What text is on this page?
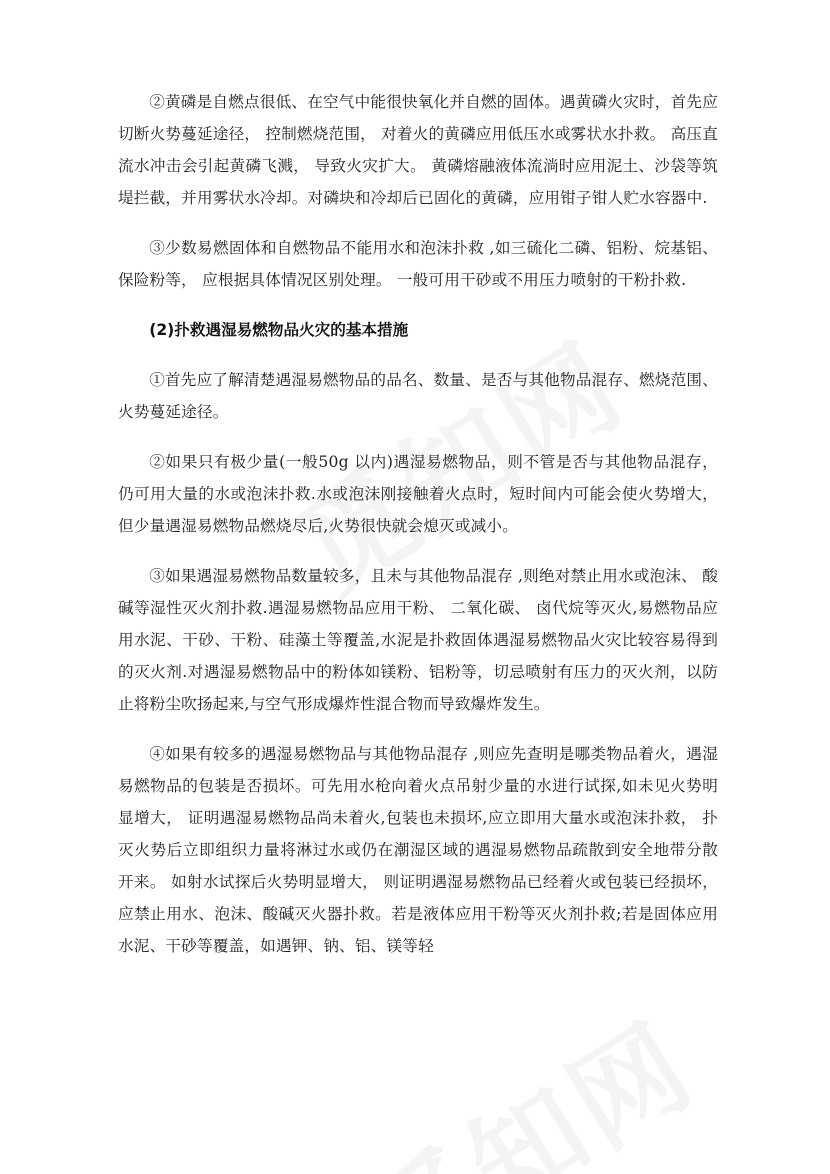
②黄磷是自燃点很低、在空气中能很快氧化并自燃的固体。遇黄磷火灾时，首先应切断火势蔓延途径， 控制燃烧范围， 对着火的黄磷应用低压水或雾状水扑救。 高压直流水冲击会引起黄磷飞溅， 导致火灾扩大。 黄磷熔融液体流淌时应用泥土、沙袋等筑堤拦截，并用雾状水冷却。对磷块和冷却后已固化的黄磷，应用钳子钳人贮水容器中.

③少数易燃固体和自燃物品不能用水和泡沫扑救 ,如三硫化二磷、铝粉、烷基铝、 保险粉等， 应根据具体情况区别处理。 一般可用干砂或不用压力喷射的干粉扑救.

(2)扑救遇湿易燃物品火灾的基本措施

①首先应了解清楚遇湿易燃物品的品名、数量、是否与其他物品混存、燃烧范围、火势蔓延途径。

②如果只有极少量(一般50g 以内)遇湿易燃物品，则不管是否与其他物品混存，仍可用大量的水或泡沫扑救.水或泡沫刚接触着火点时，短时间内可能会使火势增大，但少量遇湿易燃物品燃烧尽后,火势很快就会熄灭或减小。

③如果遇湿易燃物品数量较多，且未与其他物品混存 ,则绝对禁止用水或泡沫、 酸碱等湿性灭火剂扑救.遇湿易燃物品应用干粉、 二氧化碳、 卤代烷等灭火,易燃物品应用水泥、干砂、干粉、硅藻土等覆盖,水泥是扑救固体遇湿易燃物品火灾比较容易得到的灭火剂.对遇湿易燃物品中的粉体如镁粉、铝粉等，切忌喷射有压力的灭火剂，以防止将粉尘吹扬起来,与空气形成爆炸性混合物而导致爆炸发生。

④如果有较多的遇湿易燃物品与其他物品混存 ,则应先查明是哪类物品着火，遇湿易燃物品的包装是否损坏。可先用水枪向着火点吊射少量的水进行试探,如未见火势明显增大， 证明遇湿易燃物品尚未着火,包装也未损坏,应立即用大量水或泡沫扑救， 扑灭火势后立即组织力量将淋过水或仍在潮湿区域的遇湿易燃物品疏散到安全地带分散开来。 如射水试探后火势明显增大， 则证明遇湿易燃物品已经着火或包装已经损坏，应禁止用水、泡沫、酸碱灭火器扑救。若是液体应用干粉等灭火剂扑救;若是固体应用水泥、干砂等覆盖，如遇钾、钠、铝、镁等轻
